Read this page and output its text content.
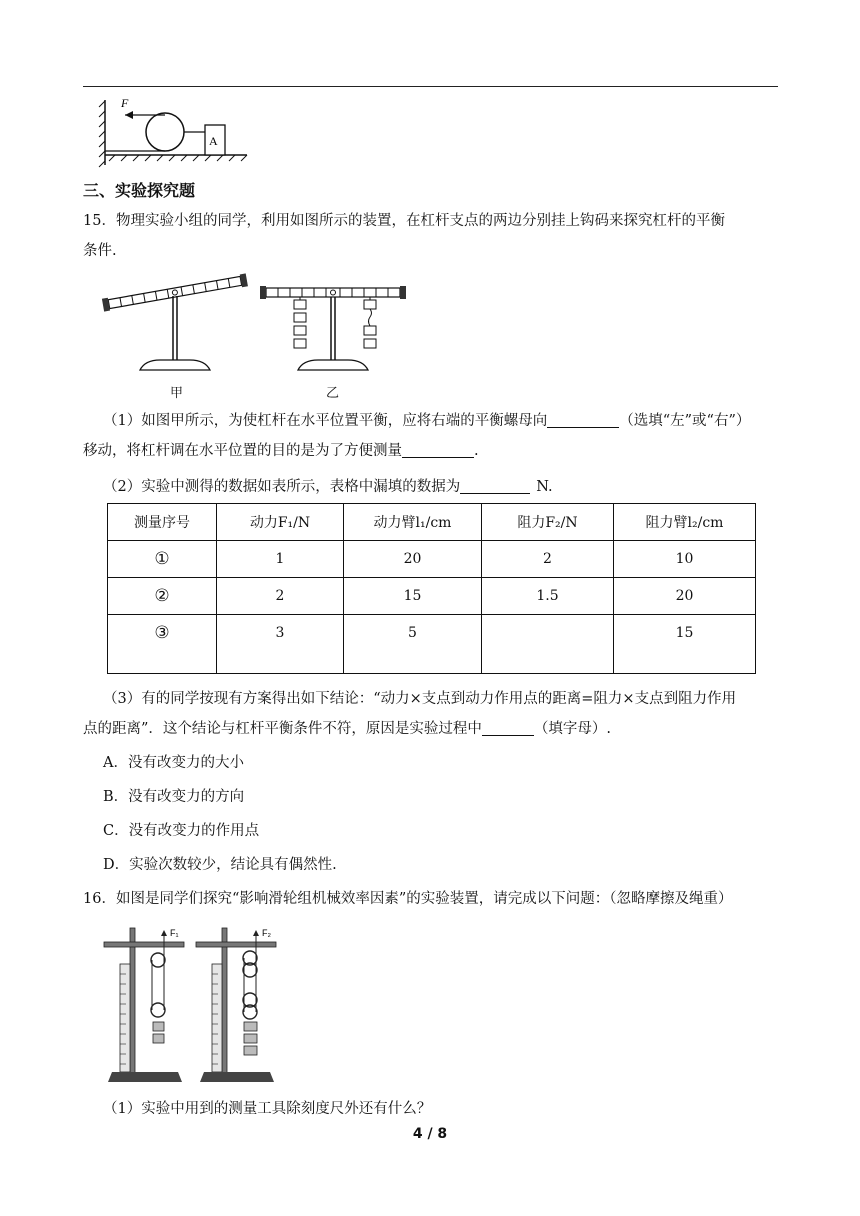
F
A
三、实验探究题
15．物理实验小组的同学，利用如图所示的装置，在杠杆支点的两边分别挂上钩码来探究杠杆的平衡
条件.
甲	乙
（1）如图甲所示，为使杠杆在水平位置平衡，应将右端的平衡螺母向	（选填“左”或“右”）
移动，将杠杆调在水平位置的目的是为了方便测量	.
（2）实验中测得的数据如表所示，表格中漏填的数据为	N.
测量序号	动力F₁/N	动力臂l₁/cm	阻力F₂/N	阻力臂l₂/cm
①	1	20	2	10
②	2	15	1.5	20
③	3	5		15
（3）有的同学按现有方案得出如下结论：“动力×支点到动力作用点的距离=阻力×支点到阻力作用
点的距离”．这个结论与杠杆平衡条件不符，原因是实验过程中	（填字母）.
A．没有改变力的大小
B．没有改变力的方向
C．没有改变力的作用点
D．实验次数较少，结论具有偶然性.
16．如图是同学们探究“影响滑轮组机械效率因素”的实验装置，请完成以下问题：（忽略摩擦及绳重）
F₁	F₂
（1）实验中用到的测量工具除刻度尺外还有什么？
4 / 8
